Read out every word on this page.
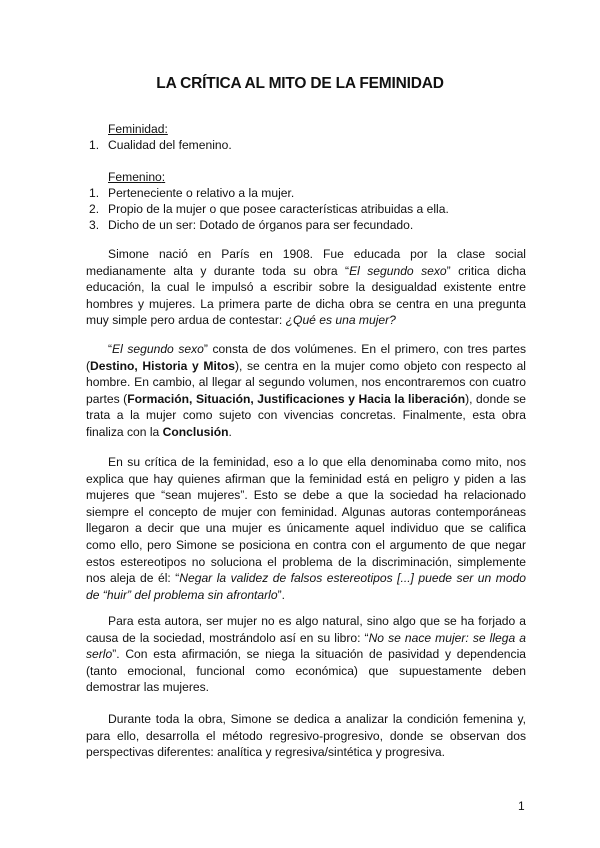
LA CRÍTICA AL MITO DE LA FEMINIDAD
Feminidad:
1. Cualidad del femenino.
Femenino:
1. Perteneciente o relativo a la mujer.
2. Propio de la mujer o que posee características atribuidas a ella.
3. Dicho de un ser: Dotado de órganos para ser fecundado.

Simone nació en París en 1908. Fue educada por la clase social medianamente alta y durante toda su obra “El segundo sexo” critica dicha educación, la cual le impulsó a escribir sobre la desigualdad existente entre hombres y mujeres. La primera parte de dicha obra se centra en una pregunta muy simple pero ardua de contestar: ¿Qué es una mujer?

“El segundo sexo” consta de dos volúmenes. En el primero, con tres partes (Destino, Historia y Mitos), se centra en la mujer como objeto con respecto al hombre. En cambio, al llegar al segundo volumen, nos encontraremos con cuatro partes (Formación, Situación, Justificaciones y Hacia la liberación), donde se trata a la mujer como sujeto con vivencias concretas. Finalmente, esta obra finaliza con la Conclusión.

En su crítica de la feminidad, eso a lo que ella denominaba como mito, nos explica que hay quienes afirman que la feminidad está en peligro y piden a las mujeres que “sean mujeres”. Esto se debe a que la sociedad ha relacionado siempre el concepto de mujer con feminidad. Algunas autoras contemporáneas llegaron a decir que una mujer es únicamente aquel individuo que se califica como ello, pero Simone se posiciona en contra con el argumento de que negar estos estereotipos no soluciona el problema de la discriminación, simplemente nos aleja de él: “Negar la validez de falsos estereotipos [...] puede ser un modo de “huir” del problema sin afrontarlo”.

Para esta autora, ser mujer no es algo natural, sino algo que se ha forjado a causa de la sociedad, mostrándolo así en su libro: “No se nace mujer: se llega a serlo”. Con esta afirmación, se niega la situación de pasividad y dependencia (tanto emocional, funcional como económica) que supuestamente deben demostrar las mujeres.

Durante toda la obra, Simone se dedica a analizar la condición femenina y, para ello, desarrolla el método regresivo-progresivo, donde se observan dos perspectivas diferentes: analítica y regresiva/sintética y progresiva.

1
